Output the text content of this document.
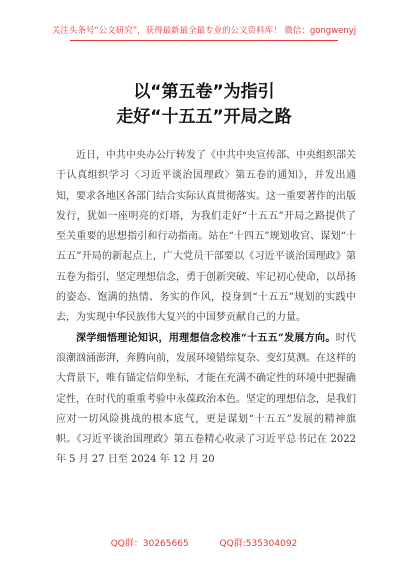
关注头条号“公文研究”，获得最新最全最专业的公文资料库！ 微信：gongwenyj
以“第五卷”为指引
走好“十五五”开局之路

近日，中共中央办公厅转发了《中共中央宣传部、中央组织部关于认真组织学习〈习近平谈治国理政〉第五卷的通知》，并发出通知，要求各地区各部门结合实际认真贯彻落实。这一重要著作的出版发行，犹如一座明亮的灯塔，为我们走好“十五五”开局之路提供了至关重要的思想指引和行动指南。站在“十四五”规划收官、谋划“十五五”开局的新起点上，广大党员干部要以《习近平谈治国理政》第五卷为指引，坚定理想信念，勇于创新突破、牢记初心使命，以昂扬的姿态、饱满的热情、务实的作风，投身到“十五五”规划的实践中去，为实现中华民族伟大复兴的中国梦贡献自己的力量。

深学细悟理论知识，用理想信念校准“十五五”发展方向。时代浪潮汹涌澎湃，奔腾向前，发展环境错综复杂、变幻莫测。在这样的大背景下，唯有锚定信仰坐标，才能在充满不确定性的环境中把握确定性，在时代的重重考验中永葆政治本色。坚定的理想信念，是我们应对一切风险挑战的根本底气，更是谋划“十五五”发展的精神旗帜。《习近平谈治国理政》第五卷精心收录了习近平总书记在 2022 年 5 月 27 日至 2024 年 12 月 20

QQ群：30265665	QQ群:535304092
